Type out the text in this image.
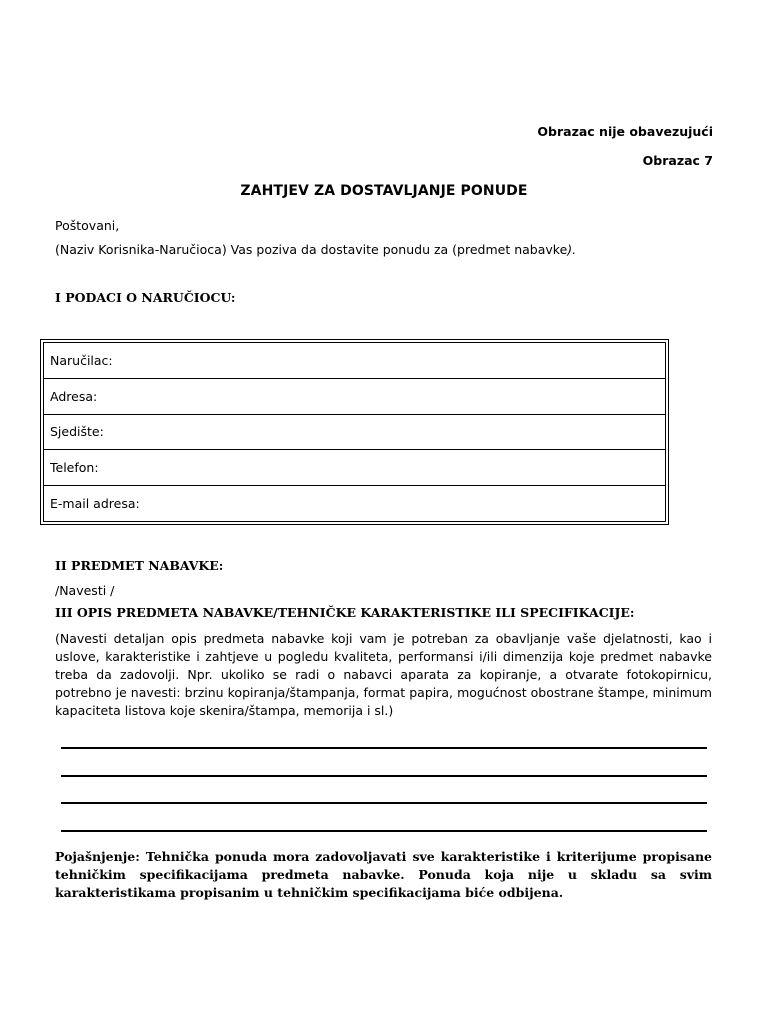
Obrazac nije obavezujući
Obrazac 7
ZAHTJEV ZA DOSTAVLJANJE PONUDE
Poštovani,
(Naziv Korisnika-Naručioca) Vas poziva da dostavite ponudu za (predmet nabavke).
I PODACI O NARUČIOCU:
Naručilac:
Adresa:
Sjedište:
Telefon:
E-mail adresa:
II PREDMET NABAVKE:
/Navesti /
III OPIS PREDMETA NABAVKE/TEHNIČKE KARAKTERISTIKE ILI SPECIFIKACIJE:
(Navesti detaljan opis predmeta nabavke koji vam je potreban za obavljanje vaše djelatnosti, kao i uslove, karakteristike i zahtjeve u pogledu kvaliteta, performansi i/ili dimenzija koje predmet nabavke treba da zadovolji. Npr. ukoliko se radi o nabavci aparata za kopiranje, a otvarate fotokopirnicu, potrebno je navesti: brzinu kopiranja/štampanja, format papira, mogućnost obostrane štampe, minimum kapaciteta listova koje skenira/štampa, memorija i sl.)
Pojašnjenje: Tehnička ponuda mora zadovoljavati sve karakteristike i kriterijume propisane tehničkim specifikacijama predmeta nabavke. Ponuda koja nije u skladu sa svim karakteristikama propisanim u tehničkim specifikacijama biće odbijena.
